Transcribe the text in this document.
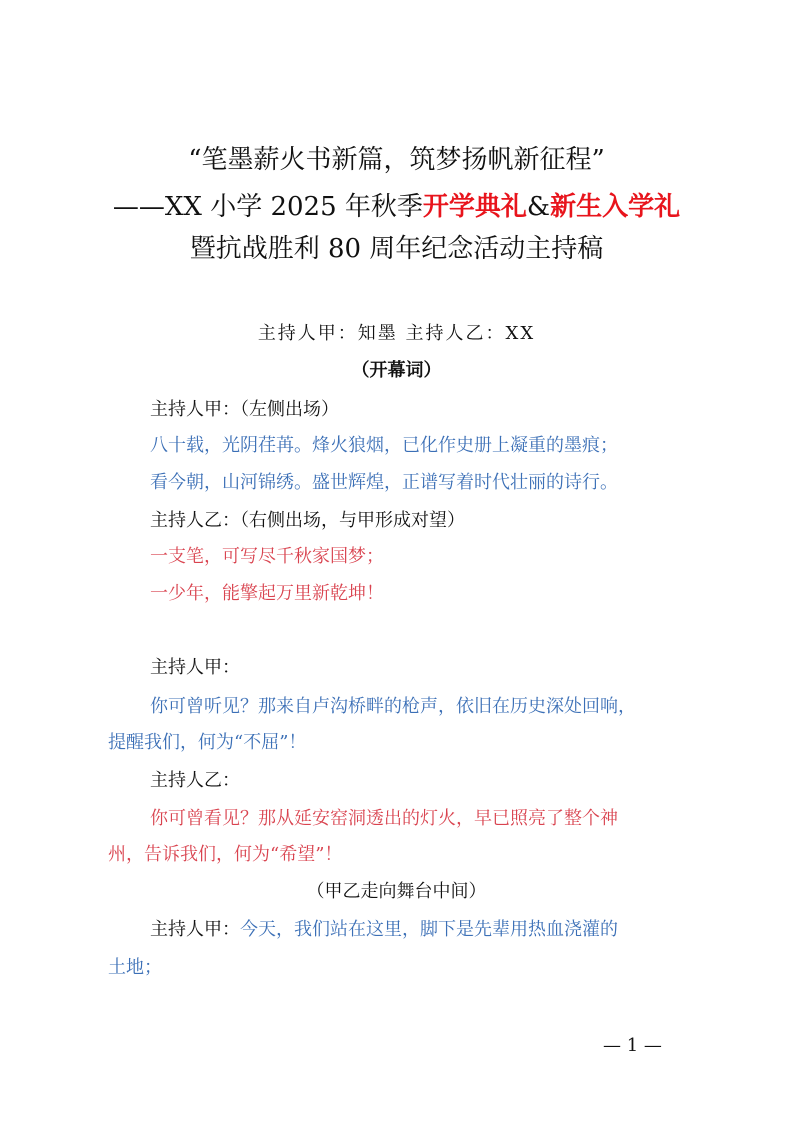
“笔墨薪火书新篇，筑梦扬帆新征程”
——XX 小学 2025 年秋季开学典礼&新生入学礼
暨抗战胜利 80 周年纪念活动主持稿
主持人甲：知墨 主持人乙：XX
（开幕词）
主持人甲：（左侧出场）
八十载，光阴荏苒。烽火狼烟，已化作史册上凝重的墨痕；
看今朝，山河锦绣。盛世辉煌，正谱写着时代壮丽的诗行。
主持人乙：（右侧出场，与甲形成对望）
一支笔，可写尽千秋家国梦；
一少年，能擎起万里新乾坤！
主持人甲：
你可曾听见？那来自卢沟桥畔的枪声，依旧在历史深处回响，
提醒我们，何为“不屈”！
主持人乙：
你可曾看见？那从延安窑洞透出的灯火，早已照亮了整个神
州，告诉我们，何为“希望”！
（甲乙走向舞台中间）
主持人甲：今天，我们站在这里，脚下是先辈用热血浇灌的
土地；
— 1 —
